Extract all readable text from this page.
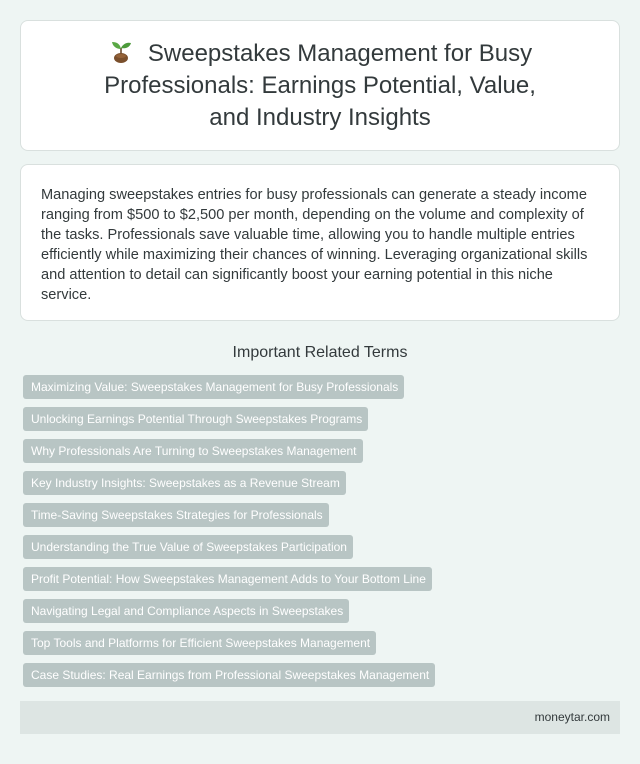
Sweepstakes Management for Busy Professionals: Earnings Potential, Value, and Industry Insights

Managing sweepstakes entries for busy professionals can generate a steady income ranging from $500 to $2,500 per month, depending on the volume and complexity of the tasks. Professionals save valuable time, allowing you to handle multiple entries efficiently while maximizing their chances of winning. Leveraging organizational skills and attention to detail can significantly boost your earning potential in this niche service.

Important Related Terms
Maximizing Value: Sweepstakes Management for Busy Professionals
Unlocking Earnings Potential Through Sweepstakes Programs
Why Professionals Are Turning to Sweepstakes Management
Key Industry Insights: Sweepstakes as a Revenue Stream
Time-Saving Sweepstakes Strategies for Professionals
Understanding the True Value of Sweepstakes Participation
Profit Potential: How Sweepstakes Management Adds to Your Bottom Line
Navigating Legal and Compliance Aspects in Sweepstakes
Top Tools and Platforms for Efficient Sweepstakes Management
Case Studies: Real Earnings from Professional Sweepstakes Management
moneytar.com
